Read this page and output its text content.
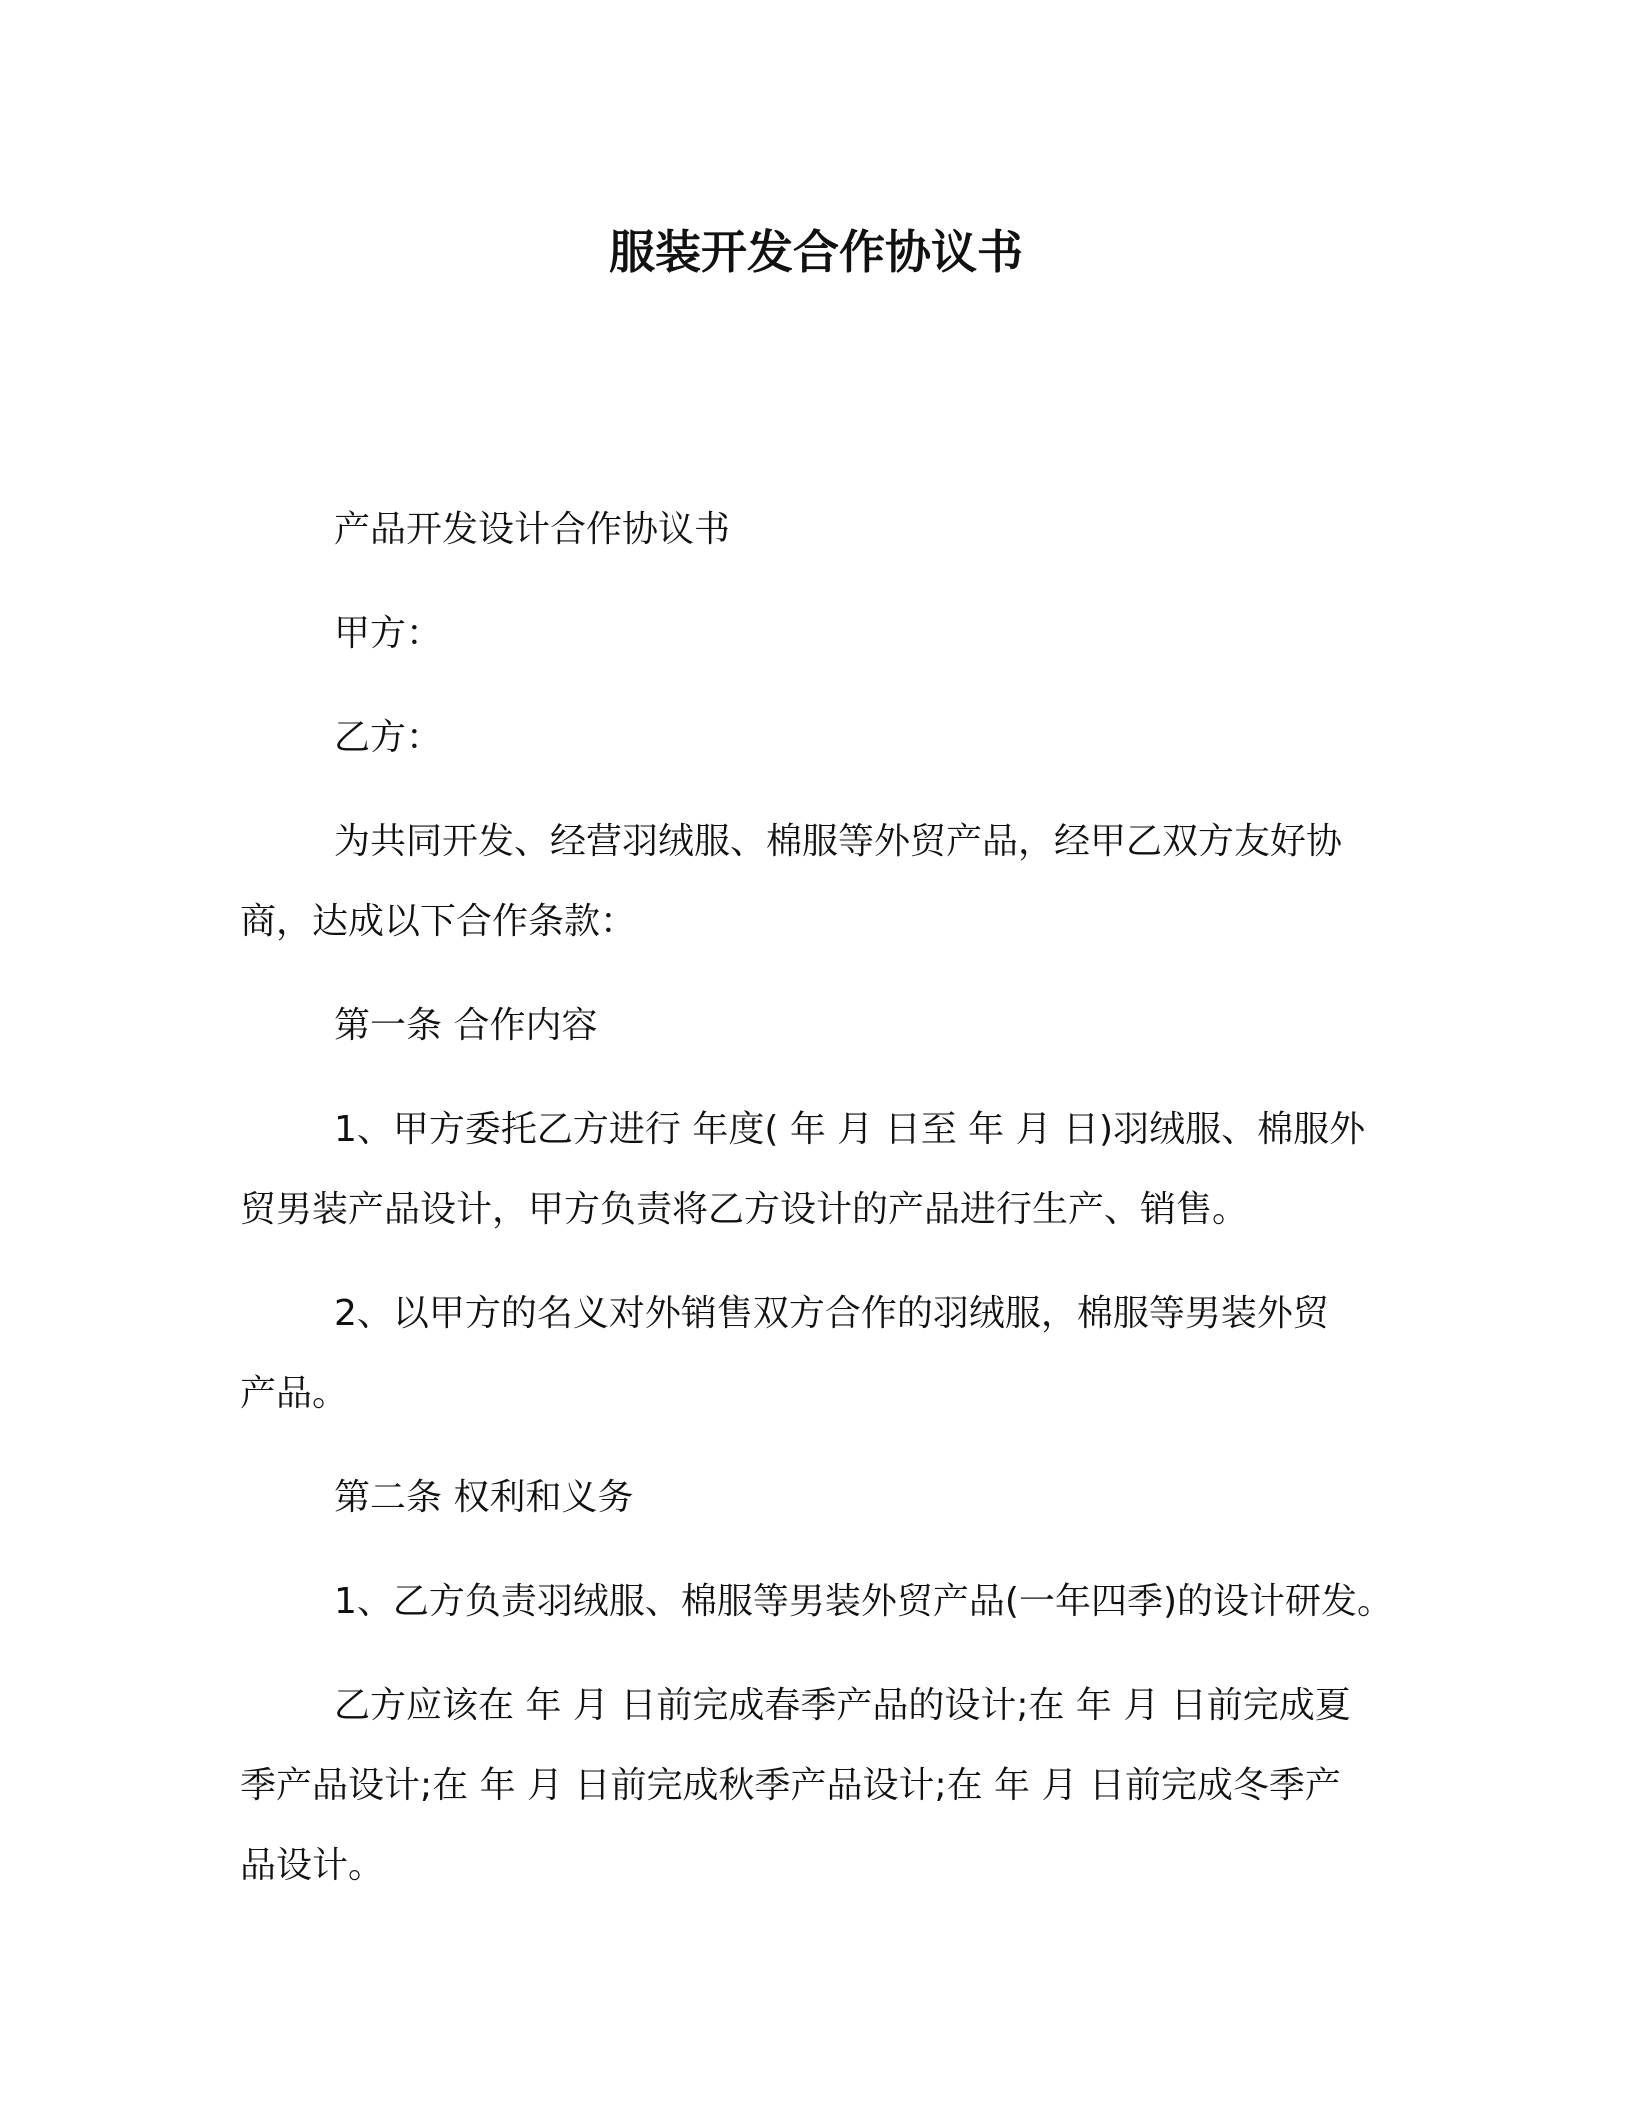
服装开发合作协议书
产品开发设计合作协议书
甲方：
乙方：
为共同开发、经营羽绒服、棉服等外贸产品，经甲乙双方友好协
商，达成以下合作条款：
第一条 合作内容
1、甲方委托乙方进行 年度( 年 月 日至 年 月 日)羽绒服、棉服外
贸男装产品设计，甲方负责将乙方设计的产品进行生产、销售。
2、以甲方的名义对外销售双方合作的羽绒服，棉服等男装外贸
产品。
第二条 权利和义务
1、乙方负责羽绒服、棉服等男装外贸产品(一年四季)的设计研发。
乙方应该在 年 月 日前完成春季产品的设计;在 年 月 日前完成夏
季产品设计;在 年 月 日前完成秋季产品设计;在 年 月 日前完成冬季产
品设计。
